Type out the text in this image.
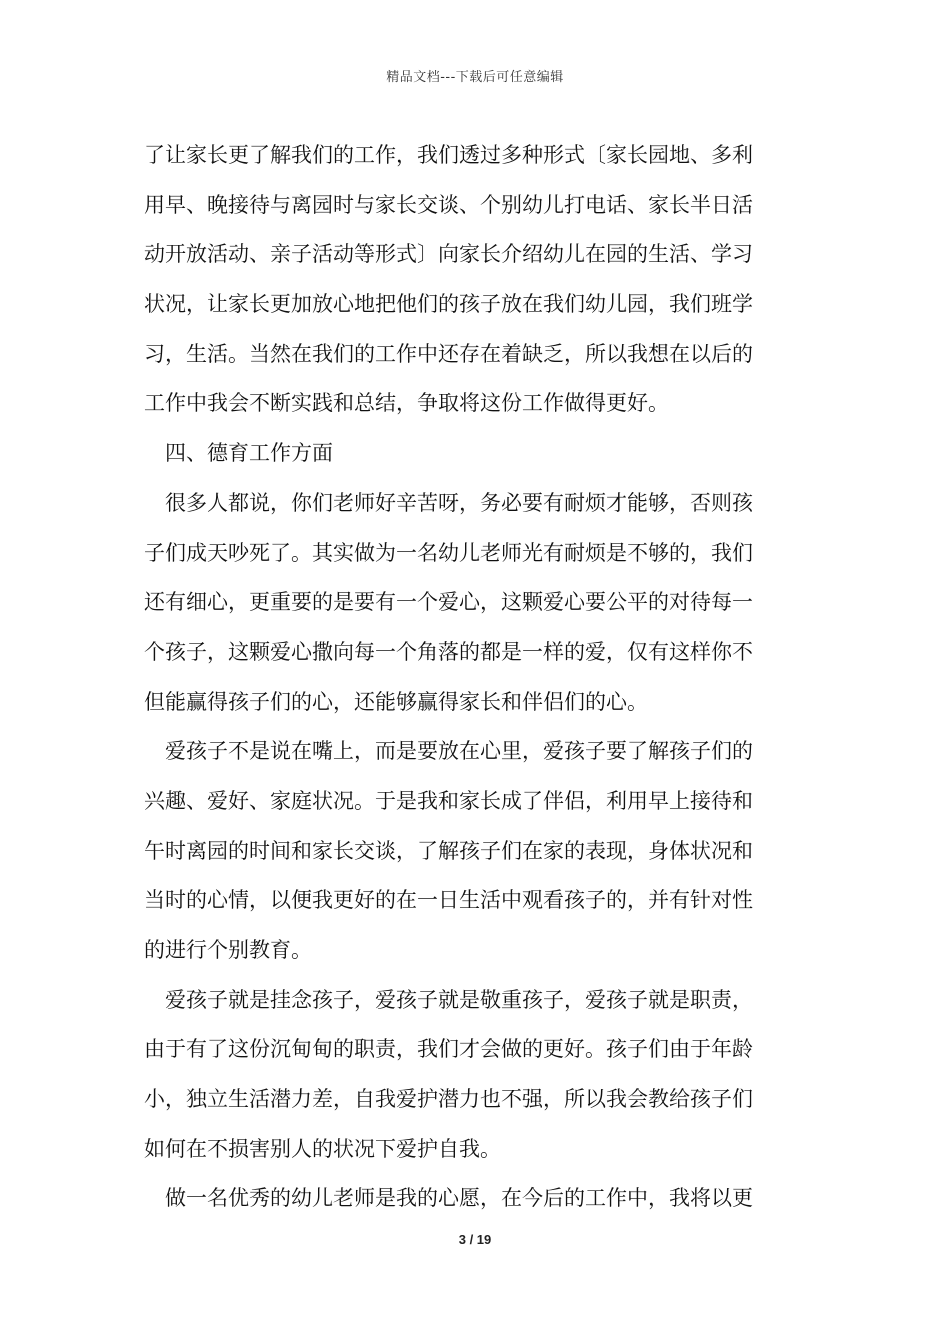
精品文档---下载后可任意编辑
了让家长更了解我们的工作，我们透过多种形式〔家长园地、多利
用早、晚接待与离园时与家长交谈、个别幼儿打电话、家长半日活
动开放活动、亲子活动等形式〕向家长介绍幼儿在园的生活、学习
状况，让家长更加放心地把他们的孩子放在我们幼儿园，我们班学
习，生活。当然在我们的工作中还存在着缺乏，所以我想在以后的
工作中我会不断实践和总结，争取将这份工作做得更好。
四、德育工作方面
很多人都说，你们老师好辛苦呀，务必要有耐烦才能够，否则孩
子们成天吵死了。其实做为一名幼儿老师光有耐烦是不够的，我们
还有细心，更重要的是要有一个爱心，这颗爱心要公平的对待每一
个孩子，这颗爱心撒向每一个角落的都是一样的爱，仅有这样你不
但能赢得孩子们的心，还能够赢得家长和伴侣们的心。
爱孩子不是说在嘴上，而是要放在心里，爱孩子要了解孩子们的
兴趣、爱好、家庭状况。于是我和家长成了伴侣，利用早上接待和
午时离园的时间和家长交谈，了解孩子们在家的表现，身体状况和
当时的心情，以便我更好的在一日生活中观看孩子的，并有针对性
的进行个别教育。
爱孩子就是挂念孩子，爱孩子就是敬重孩子，爱孩子就是职责，
由于有了这份沉甸甸的职责，我们才会做的更好。孩子们由于年龄
小，独立生活潜力差，自我爱护潜力也不强，所以我会教给孩子们
如何在不损害别人的状况下爱护自我。
做一名优秀的幼儿老师是我的心愿，在今后的工作中，我将以更
3 / 19
